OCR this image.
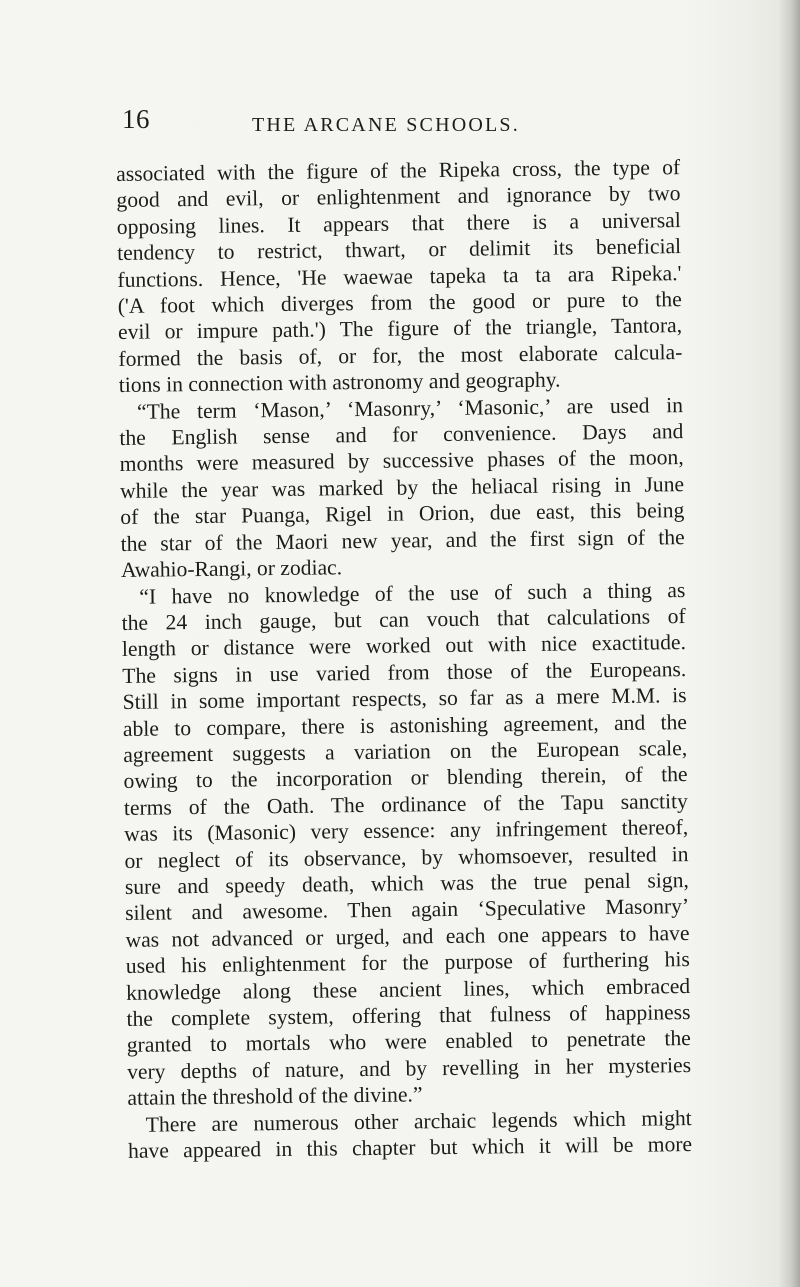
16	THE ARCANE SCHOOLS.
associated with the figure of the Ripeka cross, the type of
good and evil, or enlightenment and ignorance by two
opposing lines. It appears that there is a universal
tendency to restrict, thwart, or delimit its beneficial
functions. Hence, 'He waewae tapeka ta ta ara Ripeka.'
('A foot which diverges from the good or pure to the
evil or impure path.') The figure of the triangle, Tantora,
formed the basis of, or for, the most elaborate calcula-
tions in connection with astronomy and geography.
“The term ‘Mason,’ ‘Masonry,’ ‘Masonic,’ are used in
the English sense and for convenience. Days and
months were measured by successive phases of the moon,
while the year was marked by the heliacal rising in June
of the star Puanga, Rigel in Orion, due east, this being
the star of the Maori new year, and the first sign of the
Awahio-Rangi, or zodiac.
“I have no knowledge of the use of such a thing as
the 24 inch gauge, but can vouch that calculations of
length or distance were worked out with nice exactitude.
The signs in use varied from those of the Europeans.
Still in some important respects, so far as a mere M.M. is
able to compare, there is astonishing agreement, and the
agreement suggests a variation on the European scale,
owing to the incorporation or blending therein, of the
terms of the Oath. The ordinance of the Tapu sanctity
was its (Masonic) very essence: any infringement thereof,
or neglect of its observance, by whomsoever, resulted in
sure and speedy death, which was the true penal sign,
silent and awesome. Then again ‘Speculative Masonry’
was not advanced or urged, and each one appears to have
used his enlightenment for the purpose of furthering his
knowledge along these ancient lines, which embraced
the complete system, offering that fulness of happiness
granted to mortals who were enabled to penetrate the
very depths of nature, and by revelling in her mysteries
attain the threshold of the divine.”
There are numerous other archaic legends which might
have appeared in this chapter but which it will be more
